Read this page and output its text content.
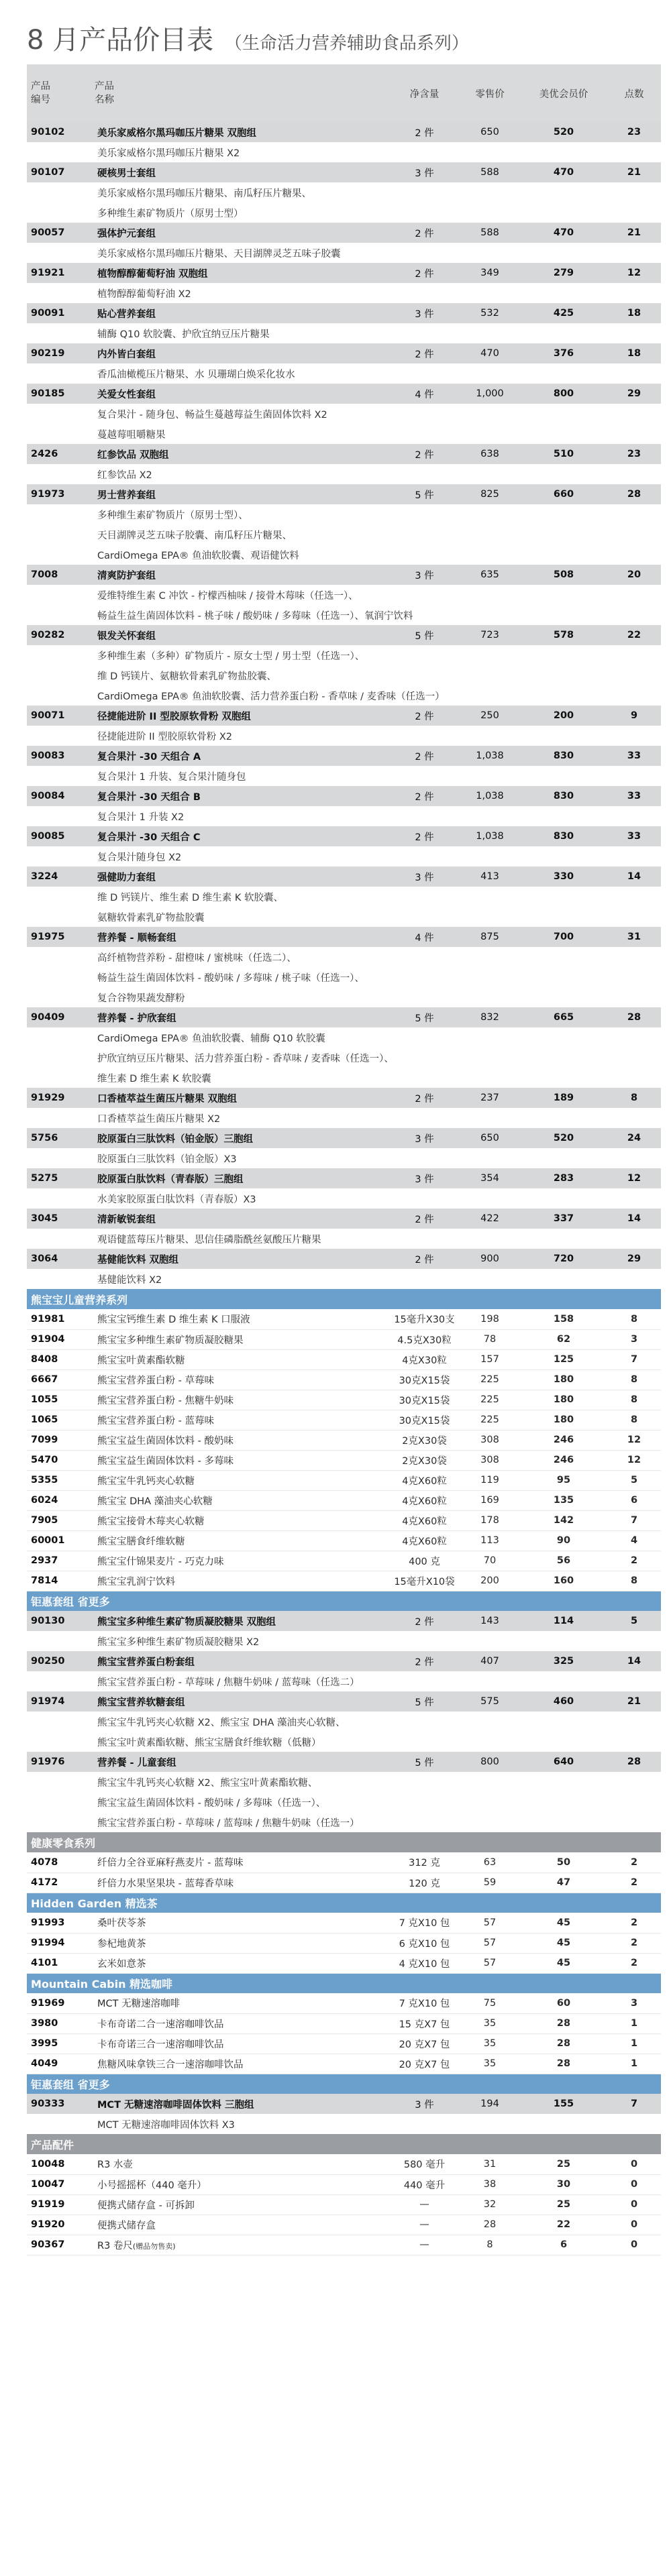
8 月产品价目表 （生命活力营养辅助食品系列）
产品
编号	产品
名称	净含量	零售价	美优会员价	点数
90102	美乐家威格尔黑玛咖压片糖果 双胞组	2 件	650	520	23
	美乐家威格尔黑玛咖压片糖果 X2				
90107	硬核男士套组	3 件	588	470	21
	美乐家威格尔黑玛咖压片糖果、南瓜籽压片糖果、				
	多种维生素矿物质片（原男士型）				
90057	强体护元套组	2 件	588	470	21
	美乐家威格尔黑玛咖压片糖果、天目湖牌灵芝五味子胶囊				
91921	植物醇醇葡萄籽油 双胞组	2 件	349	279	12
	植物醇醇葡萄籽油 X2				
90091	贴心营养套组	3 件	532	425	18
	辅酶 Q10 软胶囊、护欣宜纳豆压片糖果				
90219	内外皆白套组	2 件	470	376	18
	香瓜油橄榄压片糖果、水 贝珊瑚白焕采化妆水				
90185	关爱女性套组	4 件	1,000	800	29
	复合果汁 - 随身包、畅益生蔓越莓益生菌固体饮料 X2				
	蔓越莓咀嚼糖果				
2426	红参饮品 双胞组	2 件	638	510	23
	红参饮品 X2				
91973	男士营养套组	5 件	825	660	28
	多种维生素矿物质片（原男士型）、				
	天目湖牌灵芝五味子胶囊、南瓜籽压片糖果、				
	CardiOmega EPA® 鱼油软胶囊、观语健饮料				
7008	清爽防护套组	3 件	635	508	20
	爱维特维生素 C 冲饮 - 柠檬西柚味 / 接骨木莓味（任选一）、				
	畅益生益生菌固体饮料 - 桃子味 / 酸奶味 / 多莓味（任选一）、氧润宁饮料				
90282	银发关怀套组	5 件	723	578	22
	多种维生素（多种）矿物质片 - 原女士型 / 男士型（任选一）、				
	维 D 钙镁片、氨糖软骨素乳矿物盐胶囊、				
	CardiOmega EPA® 鱼油软胶囊、活力营养蛋白粉 - 香草味 / 麦香味（任选一）				
90071	径捷能进阶 II 型胶原软骨粉 双胞组	2 件	250	200	9
	径捷能进阶 II 型胶原软骨粉 X2				
90083	复合果汁 -30 天组合 A	2 件	1,038	830	33
	复合果汁 1 升装、复合果汁随身包				
90084	复合果汁 -30 天组合 B	2 件	1,038	830	33
	复合果汁 1 升装 X2				
90085	复合果汁 -30 天组合 C	2 件	1,038	830	33
	复合果汁随身包 X2				
3224	强健助力套组	3 件	413	330	14
	维 D 钙镁片、维生素 D 维生素 K 软胶囊、				
	氨糖软骨素乳矿物盐胶囊				
91975	营养餐 - 顺畅套组	4 件	875	700	31
	高纤植物营养粉 - 甜橙味 / 蜜桃味（任选二）、				
	畅益生益生菌固体饮料 - 酸奶味 / 多莓味 / 桃子味（任选一）、				
	复合谷物果蔬发酵粉				
90409	营养餐 - 护欣套组	5 件	832	665	28
	CardiOmega EPA® 鱼油软胶囊、辅酶 Q10 软胶囊				
	护欣宜纳豆压片糖果、活力营养蛋白粉 - 香草味 / 麦香味（任选一）、				
	维生素 D 维生素 K 软胶囊				
91929	口香楂萃益生菌压片糖果 双胞组	2 件	237	189	8
	口香楂萃益生菌压片糖果 X2				
5756	胶原蛋白三肽饮料（铂金版）三胞组	3 件	650	520	24
	胶原蛋白三肽饮料（铂金版）X3				
5275	胶原蛋白肽饮料（青春版）三胞组	3 件	354	283	12
	水美家胶原蛋白肽饮料（青春版）X3				
3045	清新敏锐套组	2 件	422	337	14
	观语健蓝莓压片糖果、思信佳磷脂酰丝氨酸压片糖果				
3064	基健能饮料 双胞组	2 件	900	720	29
	基健能饮料 X2				
熊宝宝儿童营养系列					
91981	熊宝宝钙维生素 D 维生素 K 口服液	15毫升X30支	198	158	8
91904	熊宝宝多种维生素矿物质凝胶糖果	4.5克X30粒	78	62	3
8408	熊宝宝叶黄素酯软糖	4克X30粒	157	125	7
6667	熊宝宝营养蛋白粉 - 草莓味	30克X15袋	225	180	8
1055	熊宝宝营养蛋白粉 - 焦糖牛奶味	30克X15袋	225	180	8
1065	熊宝宝营养蛋白粉 - 蓝莓味	30克X15袋	225	180	8
7099	熊宝宝益生菌固体饮料 - 酸奶味	2克X30袋	308	246	12
5470	熊宝宝益生菌固体饮料 - 多莓味	2克X30袋	308	246	12
5355	熊宝宝牛乳钙夹心软糖	4克X60粒	119	95	5
6024	熊宝宝 DHA 藻油夹心软糖	4克X60粒	169	135	6
7905	熊宝宝接骨木莓夹心软糖	4克X60粒	178	142	7
60001	熊宝宝膳食纤维软糖	4克X60粒	113	90	4
2937	熊宝宝什锦果麦片 - 巧克力味	400 克	70	56	2
7814	熊宝宝乳润宁饮料	15毫升X10袋	200	160	8
钜惠套组 省更多					
90130	熊宝宝多种维生素矿物质凝胶糖果 双胞组	2 件	143	114	5
	熊宝宝多种维生素矿物质凝胶糖果 X2				
90250	熊宝宝营养蛋白粉套组	2 件	407	325	14
	熊宝宝营养蛋白粉 - 草莓味 / 焦糖牛奶味 / 蓝莓味（任选二）				
91974	熊宝宝营养软糖套组	5 件	575	460	21
	熊宝宝牛乳钙夹心软糖 X2、熊宝宝 DHA 藻油夹心软糖、				
	熊宝宝叶黄素酯软糖、熊宝宝膳食纤维软糖（低糖）				
91976	营养餐 - 儿童套组	5 件	800	640	28
	熊宝宝牛乳钙夹心软糖 X2、熊宝宝叶黄素酯软糖、				
	熊宝宝益生菌固体饮料 - 酸奶味 / 多莓味（任选一）、				
	熊宝宝营养蛋白粉 - 草莓味 / 蓝莓味 / 焦糖牛奶味（任选一）				
健康零食系列					
4078	纤倍力全谷亚麻籽燕麦片 - 蓝莓味	312 克	63	50	2
4172	纤倍力水果坚果块 - 蓝莓香草味	120 克	59	47	2
Hidden Garden 精选茶					
91993	桑叶茯苓茶	7 克X10 包	57	45	2
91994	参杞地黄茶	6 克X10 包	57	45	2
4101	玄米如意茶	4 克X10 包	57	45	2
Mountain Cabin 精选咖啡					
91969	MCT 无糖速溶咖啡	7 克X10 包	75	60	3
3980	卡布奇诺二合一速溶咖啡饮品	15 克X7 包	35	28	1
3995	卡布奇诺三合一速溶咖啡饮品	20 克X7 包	35	28	1
4049	焦糖风味拿铁三合一速溶咖啡饮品	20 克X7 包	35	28	1
钜惠套组 省更多					
90333	MCT 无糖速溶咖啡固体饮料 三胞组	3 件	194	155	7
	MCT 无糖速溶咖啡固体饮料 X3				
产品配件					
10048	R3 水壶	580 毫升	31	25	0
10047	小号摇摇杯（440 毫升）	440 毫升	38	30	0
91919	便携式储存盒 - 可拆卸	—	32	25	0
91920	便携式储存盒	—	28	22	0
90367	R3 卷尺(赠品勿售卖)	—	8	6	0
